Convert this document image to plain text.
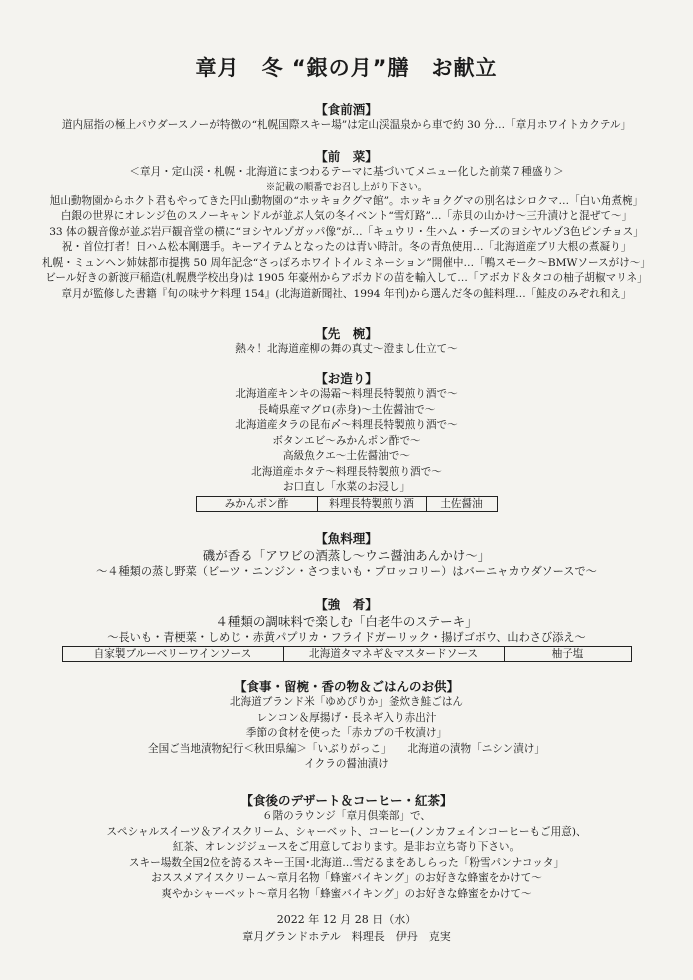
章月　冬 “銀の月”膳　お献立
【食前酒】
道内屈指の極上パウダースノーが特徴の“札幌国際スキー場”は定山渓温泉から車で約 30 分…「章月ホワイトカクテル」
【前　菜】
＜章月・定山渓・札幌・北海道にまつわるテーマに基づいてメニュー化した前菜７種盛り＞
※記載の順番でお召し上がり下さい。
旭山動物園からホクト君もやってきた円山動物園の“ホッキョクグマ館”。ホッキョクグマの別名はシロクマ…「白い角煮椀」
白銀の世界にオレンジ色のスノーキャンドルが並ぶ人気の冬イベント“雪灯路”…「赤貝の山かけ～三升漬けと混ぜて～」
33 体の観音像が並ぶ岩戸観音堂の横に“ヨシヤルゾガッパ像”が…「キュウリ・生ハム・チーズのヨシヤルゾ3色ピンチョス」
祝・首位打者！日ハム松本剛選手。キーアイテムとなったのは青い時計。冬の青魚使用…「北海道産ブリ大根の煮凝り」
札幌・ミュンヘン姉妹都市提携 50 周年記念“さっぽろホワイトイルミネーション”開催中…「鴨スモーク～BMWソースがけ～」
ビール好きの新渡戸稲造(札幌農学校出身)は 1905 年豪州からアボカドの苗を輸入して…「アボカド＆タコの柚子胡椒マリネ」
章月が監修した書籍『旬の味サケ料理 154』(北海道新聞社、1994 年刊)から選んだ冬の鮭料理…「鮭皮のみぞれ和え」
【先　椀】
熱々！北海道産柳の舞の真丈～澄まし仕立て～
【お造り】
北海道産キンキの湯霜～料理長特製煎り酒で～
長崎県産マグロ(赤身)～土佐醤油で～
北海道産タラの昆布〆～料理長特製煎り酒で～
ボタンエビ～みかんポン酢で～
高級魚クエ～土佐醤油で～
北海道産ホタテ～料理長特製煎り酒で～
お口直し「水菜のお浸し」
みかんポン酢	料理長特製煎り酒	土佐醤油
【魚料理】
磯が香る「アワビの酒蒸し～ウニ醤油あんかけ～」
～４種類の蒸し野菜（ビーツ・ニンジン・さつまいも・ブロッコリー）はバーニャカウダソースで～
【強　肴】
４種類の調味料で楽しむ「白老牛のステーキ」
～長いも・青梗菜・しめじ・赤黄パプリカ・フライドガーリック・揚げゴボウ、山わさび添え～
自家製ブルーベリーワインソース	北海道タマネギ＆マスタードソース	柚子塩
【食事・留椀・香の物＆ごはんのお供】
北海道ブランド米「ゆめぴりか」釜炊き鮭ごはん
レンコン＆厚揚げ・長ネギ入り赤出汁
季節の食材を使った「赤カブの千枚漬け」
全国ご当地漬物紀行＜秋田県編＞「いぶりがっこ」　　北海道の漬物「ニシン漬け」
イクラの醤油漬け
【食後のデザート＆コーヒー・紅茶】
６階のラウンジ「章月倶楽部」で、
スペシャルスイーツ＆アイスクリーム、シャーベット、コーヒー(ノンカフェインコーヒーもご用意)、
紅茶、オレンジジュースをご用意しております。是非お立ち寄り下さい。
スキー場数全国2位を誇るスキー王国･北海道…雪だるまをあしらった「粉雪パンナコッタ」
おススメアイスクリーム～章月名物「蜂蜜バイキング」のお好きな蜂蜜をかけて～
爽やかシャーベット～章月名物「蜂蜜バイキング」のお好きな蜂蜜をかけて～
2022 年 12 月 28 日（水）
章月グランドホテル　料理長　伊丹　克実
